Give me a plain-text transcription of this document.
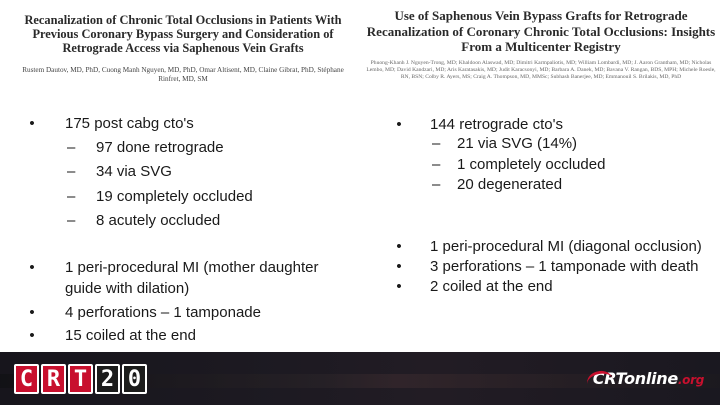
Recanalization of Chronic Total Occlusions in Patients With Previous Coronary Bypass Surgery and Consideration of Retrograde Access via Saphenous Vein Grafts
Rustem Dautov, MD, PhD, Cuong Manh Nguyen, MD, PhD, Omar Altisent, MD, Claine Gibrat, PhD, Stéphane Rinfret, MD, SM
Use of Saphenous Vein Bypass Grafts for Retrograde Recanalization of Coronary Chronic Total Occlusions: Insights From a Multicenter Registry
Phuong-Khanh J. Nguyen-Trong, MD; Khaldoon Alaswad, MD; Dimitri Karmpaliotis, MD; William Lombardi, MD; J. Aaron Grantham, MD; Nicholas Lembo, MD; David Kandzari, MD; Aris Karatasakis, MD; Judit Karacsonyi, MD; Barbara A. Danek, MD; Bavana V. Rangan, BDS, MPH; Michele Roesle, RN, BSN; Colby R. Ayers, MS; Craig A. Thompson, MD, MMSc; Subhash Banerjee, MD; Emmanouil S. Brilakis, MD, PhD
• 175 post cabg cto's
– 97 done retrograde
– 34 via SVG
– 19 completely occluded
– 8 acutely occluded
• 1 peri-procedural MI (mother daughter guide with dilation)
• 4 perforations – 1 tamponade
• 15 coiled at the end
• 144 retrograde cto's
– 21 via SVG (14%)
– 1 completely occluded
– 20 degenerated
• 1 peri-procedural MI (diagonal occlusion)
• 3 perforations – 1 tamponade with death
• 2 coiled at the end
C R T 2 0	CRTonline.org
